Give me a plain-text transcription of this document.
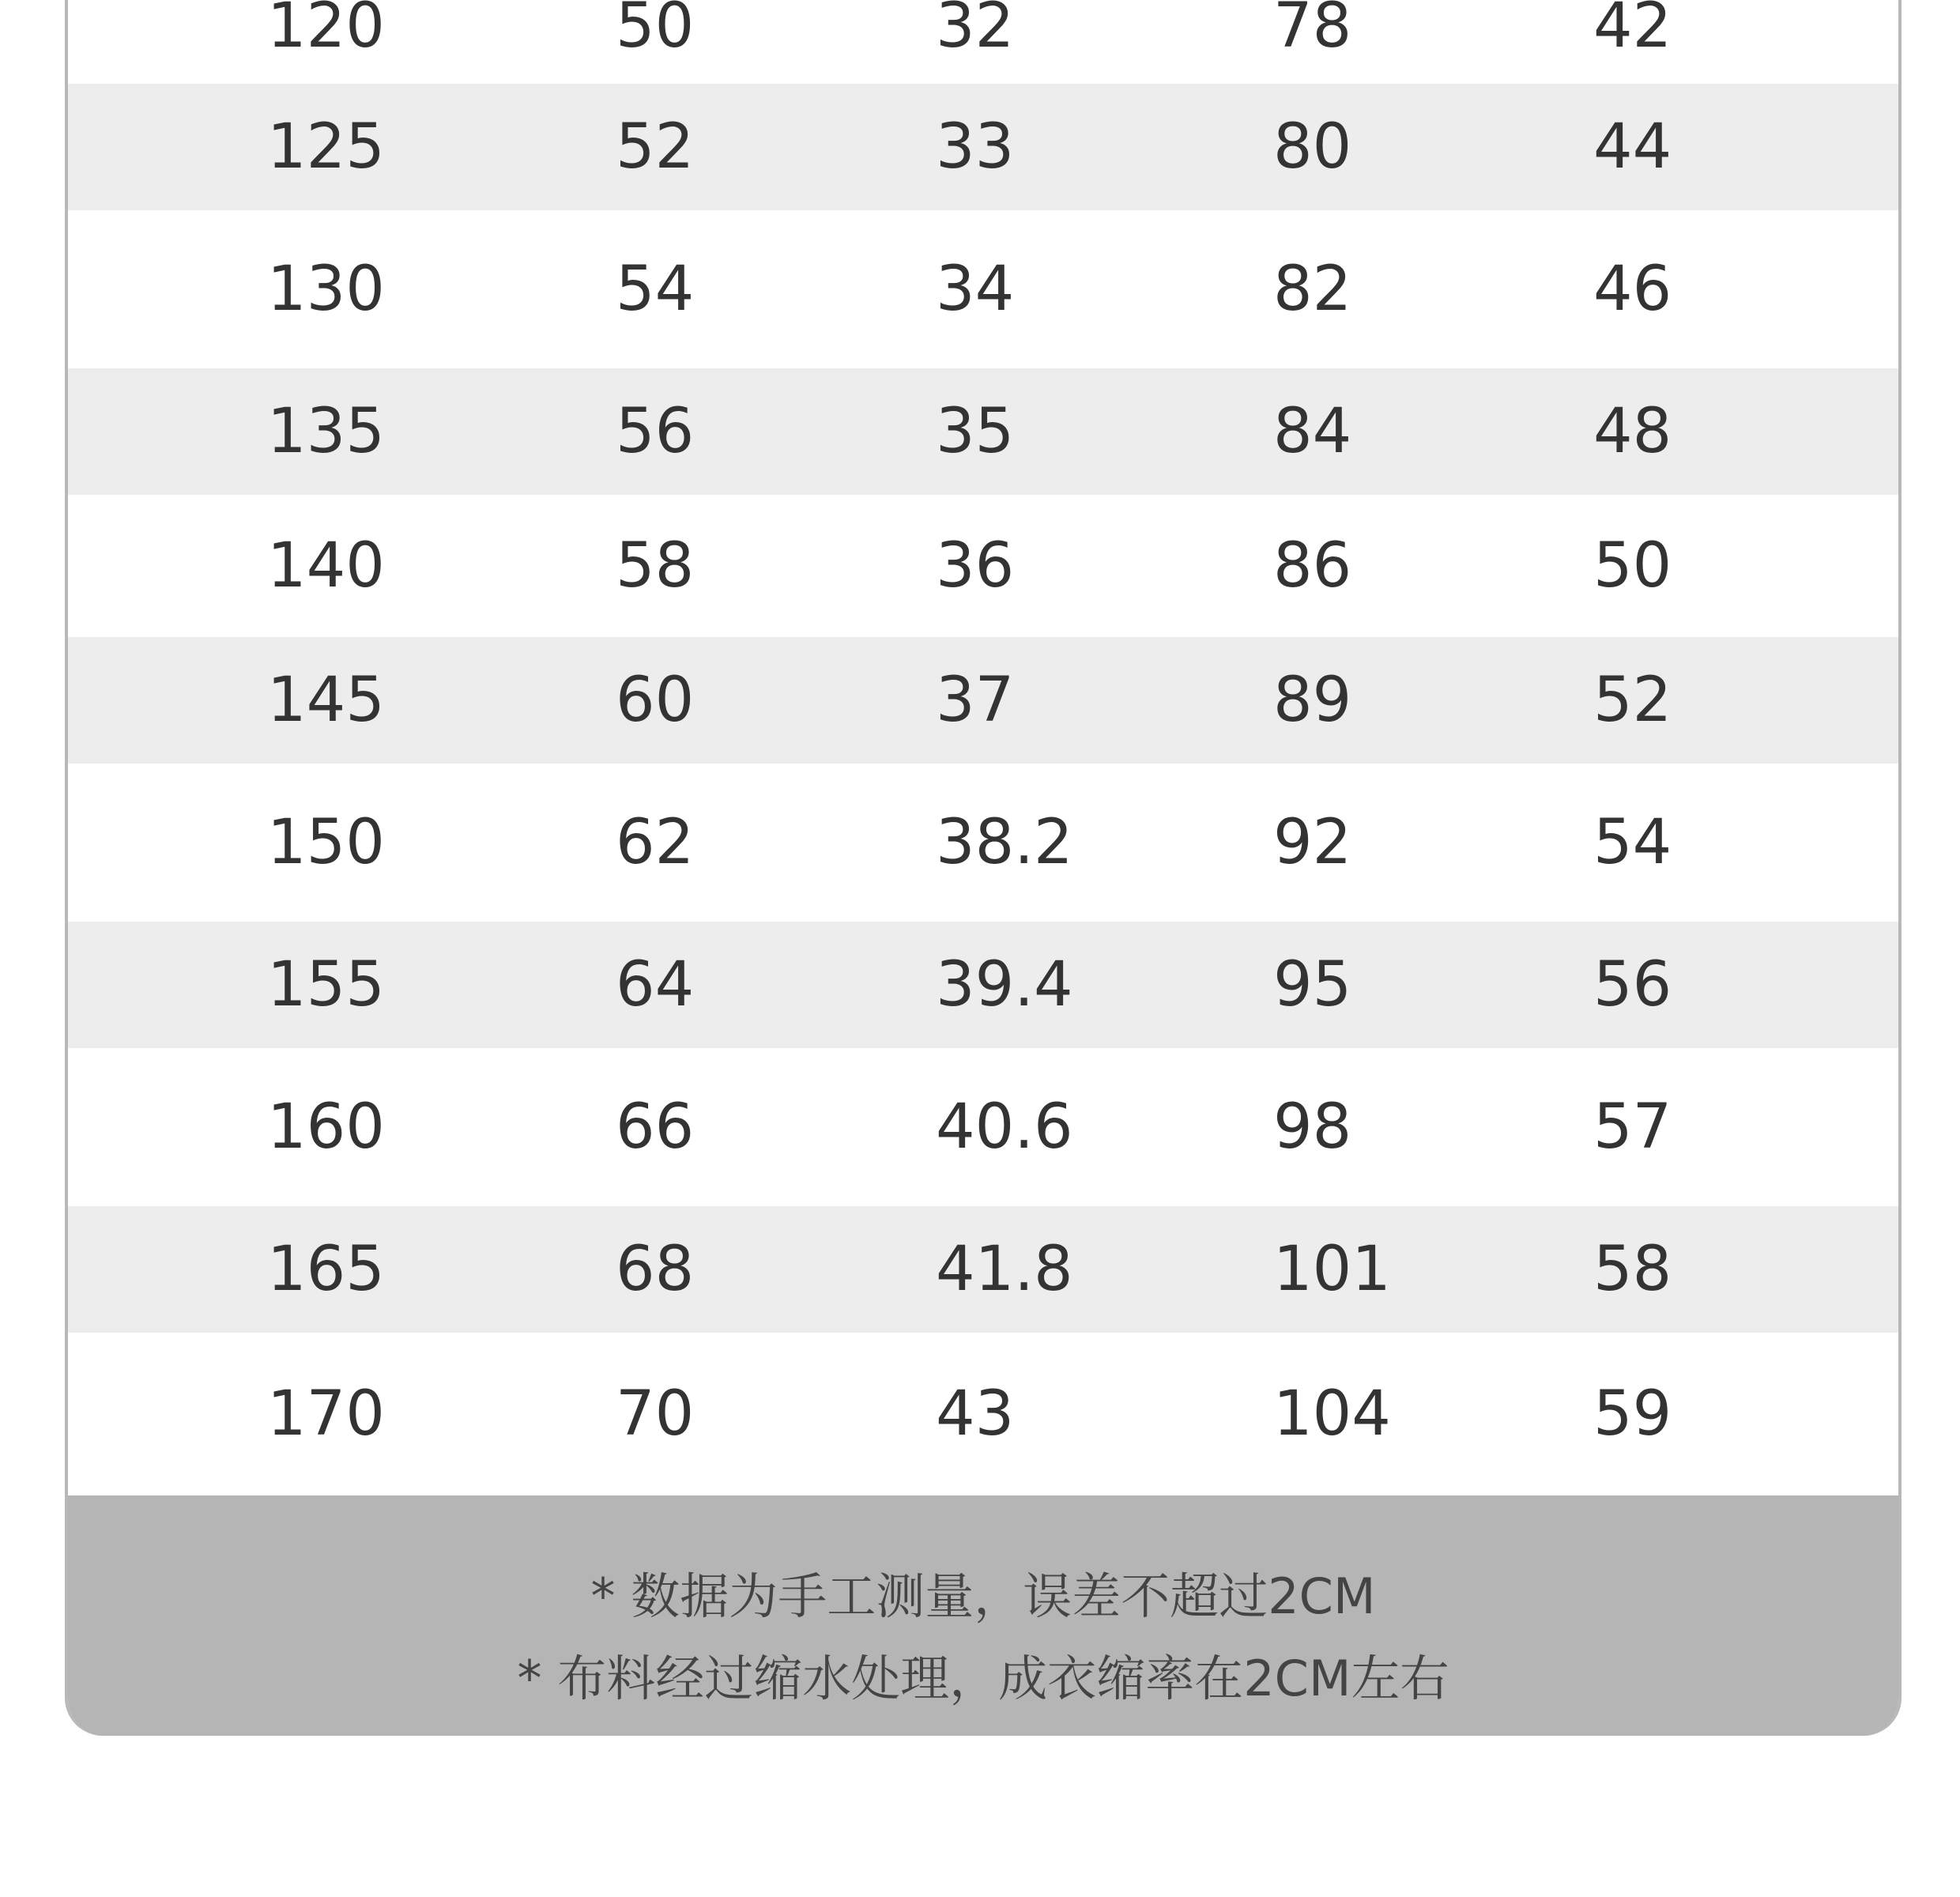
120	50	32	78	42
125	52	33	80	44
130	54	34	82	46
135	56	35	84	48
140	58	36	86	50
145	60	37	89	52
150	62	38.2	92	54
155	64	39.4	95	56
160	66	40.6	98	57
165	68	41.8	101	58
170	70	43	104	59
* 数据为手工测量，误差不超过2CM
* 布料经过缩水处理，成衣缩率在2CM左右
